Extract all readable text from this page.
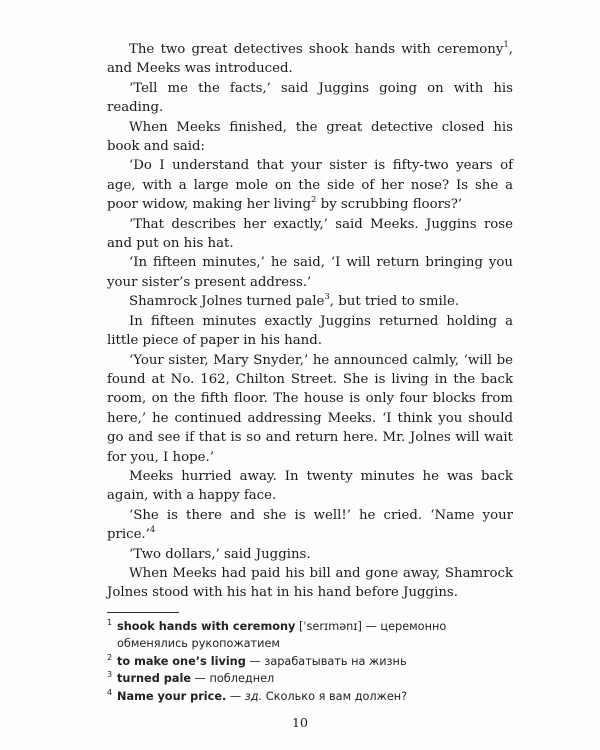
The two great detectives shook hands with ceremony$^1$, and Meeks was introduced.

‘Tell me the facts,’ said Juggins going on with his reading.

When Meeks finished, the great detective closed his book and said:

‘Do I understand that your sister is fifty-two years of age, with a large mole on the side of her nose? Is she a poor widow, making her living$^2$ by scrubbing floors?’

‘That describes her exactly,’ said Meeks. Juggins rose and put on his hat.

‘In fifteen minutes,’ he said, ‘I will return bringing you your sister’s present address.’

Shamrock Jolnes turned pale$^3$, but tried to smile.

In fifteen minutes exactly Juggins returned holding a little piece of paper in his hand.

‘Your sister, Mary Snyder,’ he announced calmly, ‘will be found at No. 162, Chilton Street. She is living in the back room, on the fifth floor. The house is only four blocks from here,’ he continued addressing Meeks. ‘I think you should go and see if that is so and return here. Mr. Jolnes will wait for you, I hope.’

Meeks hurried away. In twenty minutes he was back again, with a happy face.

‘She is there and she is well!’ he cried. ‘Name your price.’$^4$

‘Two dollars,’ said Juggins.

When Meeks had paid his bill and gone away, Shamrock Jolnes stood with his hat in his hand before Juggins.

1 shook hands with ceremony [ˈserɪmənɪ] — церемонно обменялись рукопожатием
2 to make one’s living — зарабатывать на жизнь
3 turned pale — побледнел
4 Name your price. — зд. Сколько я вам должен?
10
